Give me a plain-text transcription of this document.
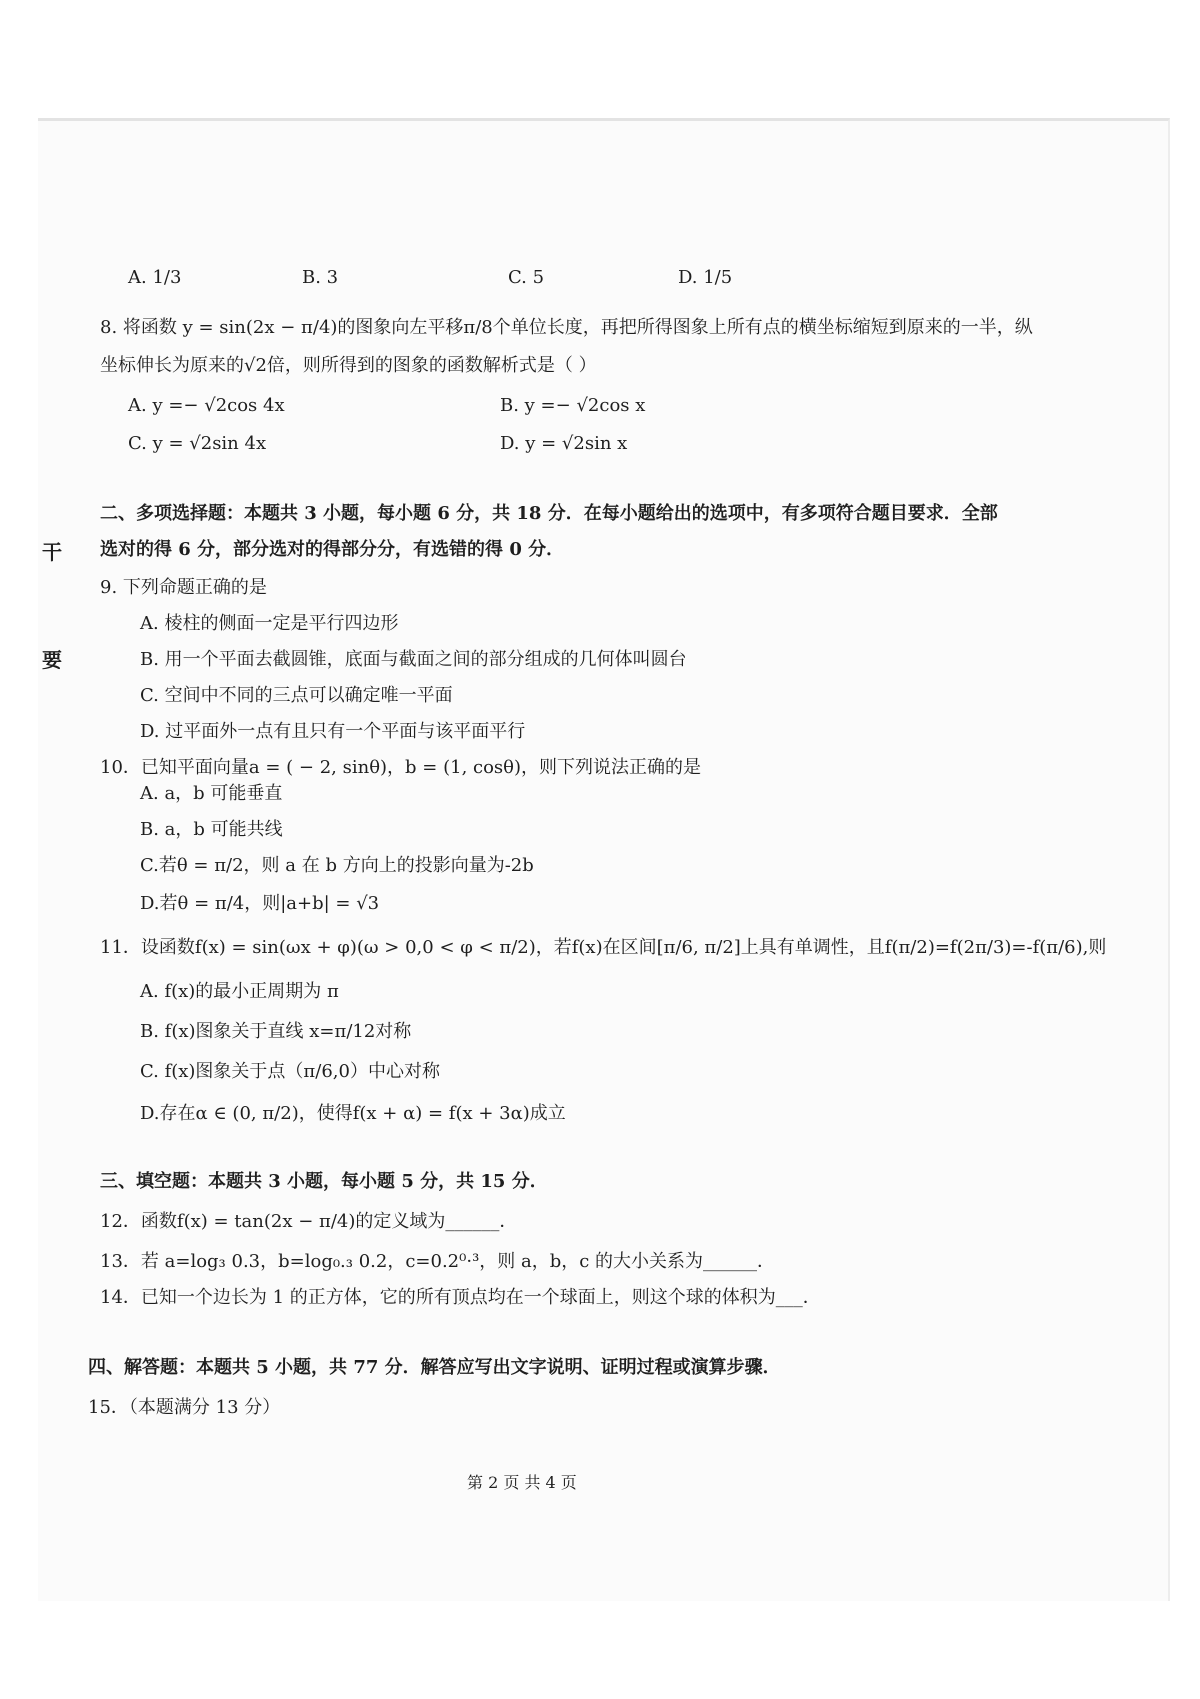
干
要
A. 1/3	B. 3	C. 5	D. 1/5
8. 将函数 y = sin(2x − π/4)的图象向左平移π/8个单位长度，再把所得图象上所有点的横坐标缩短到原来的一半，纵
坐标伸长为原来的√2倍，则所得到的图象的函数解析式是（ ）
A. y =− √2cos 4x	B. y =− √2cos x
C. y = √2sin 4x	D. y = √2sin x
二、多项选择题：本题共 3 小题，每小题 6 分，共 18 分．在每小题给出的选项中，有多项符合题目要求．全部
选对的得 6 分，部分选对的得部分分，有选错的得 0 分．
9. 下列命题正确的是
A. 棱柱的侧面一定是平行四边形
B. 用一个平面去截圆锥，底面与截面之间的部分组成的几何体叫圆台
C. 空间中不同的三点可以确定唯一平面
D. 过平面外一点有且只有一个平面与该平面平行
10．已知平面向量a = ( − 2, sinθ)，b = (1, cosθ)，则下列说法正确的是
A. a，b 可能垂直
B. a，b 可能共线
C.若θ = π/2，则 a 在 b 方向上的投影向量为-2b
D.若θ = π/4，则|a+b| = √3
11．设函数f(x) = sin(ωx + φ)(ω > 0,0 < φ < π/2)，若f(x)在区间[π/6, π/2]上具有单调性，且f(π/2)=f(2π/3)=-f(π/6),则
A. f(x)的最小正周期为 π
B. f(x)图象关于直线 x=π/12对称
C. f(x)图象关于点（π/6,0）中心对称
D.存在α ∈ (0, π/2)，使得f(x + α) = f(x + 3α)成立
三、填空题：本题共 3 小题，每小题 5 分，共 15 分．
12．函数f(x) = tan(2x − π/4)的定义域为______．
13．若 a=log₃ 0.3，b=log₀.₃ 0.2，c=0.2⁰·³，则 a，b，c 的大小关系为______．
14．已知一个边长为 1 的正方体，它的所有顶点均在一个球面上，则这个球的体积为___．
四、解答题：本题共 5 小题，共 77 分．解答应写出文字说明、证明过程或演算步骤．
15．（本题满分 13 分）
第 2 页 共 4 页
